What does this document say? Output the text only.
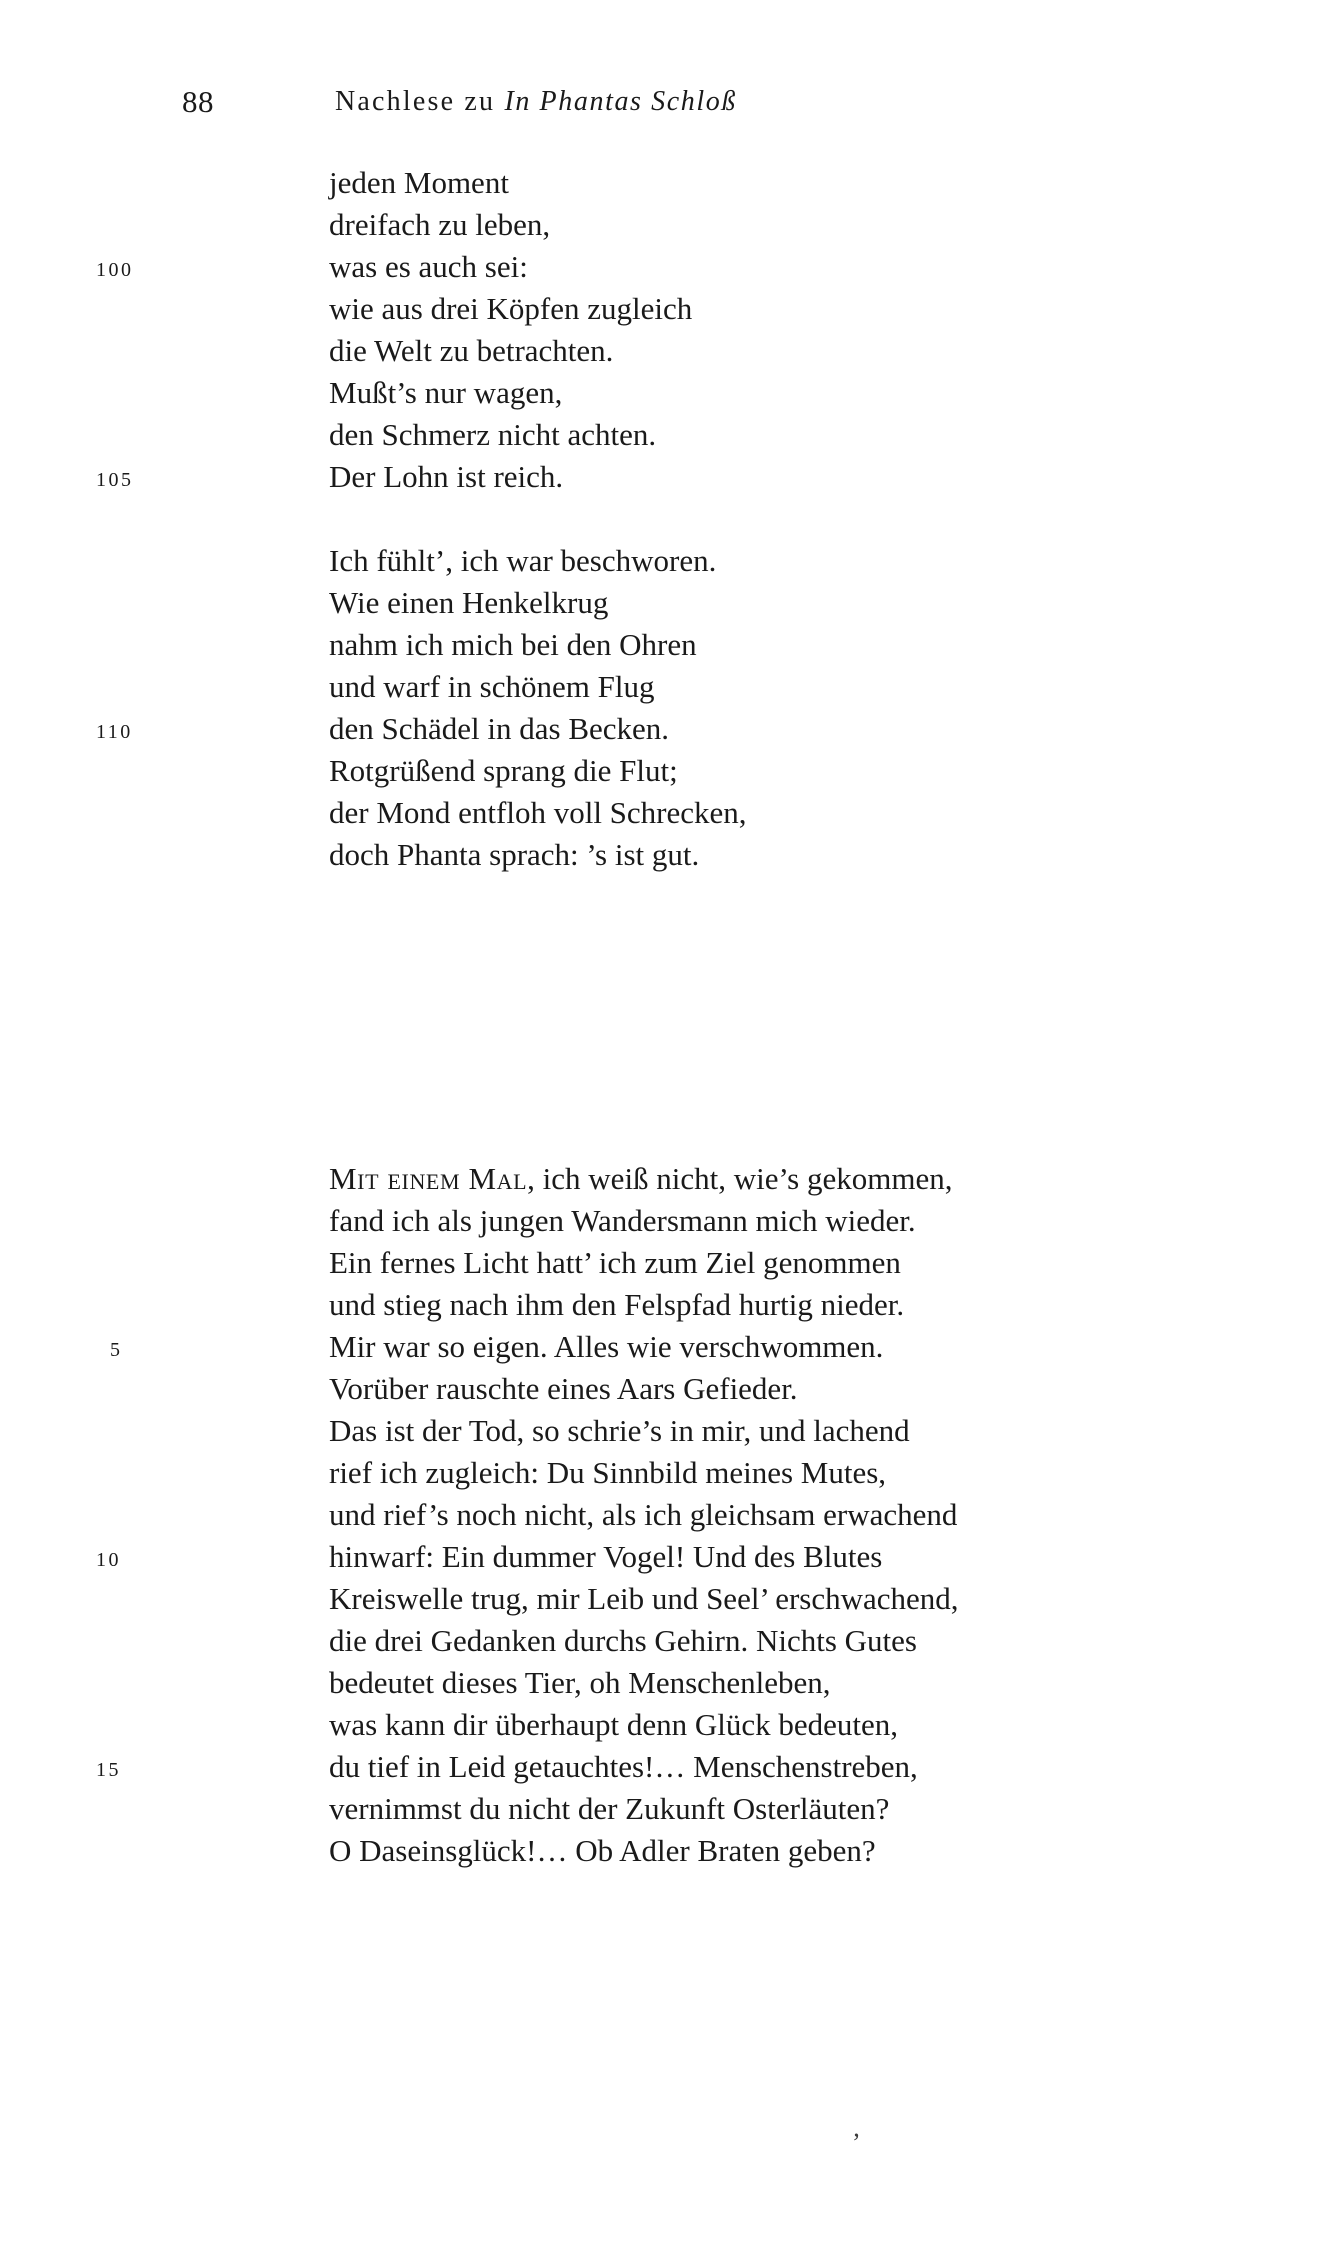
88	Nachlese zu In Phantas Schloß

jeden Moment

dreifach zu leben,

100

	was es auch sei:

wie aus drei Köpfen zugleich

die Welt zu betrachten.

Mußt’s nur wagen,

den Schmerz nicht achten.

105

	Der Lohn ist reich.

Ich fühlt’, ich war beschworen.

Wie einen Henkelkrug

nahm ich mich bei den Ohren

und warf in schönem Flug

110

	den Schädel in das Becken.

Rotgrüßend sprang die Flut;

der Mond entfloh voll Schrecken,

doch Phanta sprach: ’s ist gut.

Mit einem Mal, ich weiß nicht, wie’s gekommen,

fand ich als jungen Wandersmann mich wieder.

Ein fernes Licht hatt’ ich zum Ziel genommen

und stieg nach ihm den Felspfad hurtig nieder.

5

	Mir war so eigen. Alles wie verschwommen.

Vorüber rauschte eines Aars Gefieder.

Das ist der Tod, so schrie’s in mir, und lachend

rief ich zugleich: Du Sinnbild meines Mutes,

und rief’s noch nicht, als ich gleichsam erwachend

10

	hinwarf: Ein dummer Vogel! Und des Blutes

Kreiswelle trug, mir Leib und Seel’ erschwachend,

die drei Gedanken durchs Gehirn. Nichts Gutes

bedeutet dieses Tier, oh Menschenleben,

was kann dir überhaupt denn Glück bedeuten,

15

	du tief in Leid getauchtes!… Menschenstreben,

vernimmst du nicht der Zukunft Osterläuten?

O Daseinsglück!… Ob Adler Braten geben?

’
